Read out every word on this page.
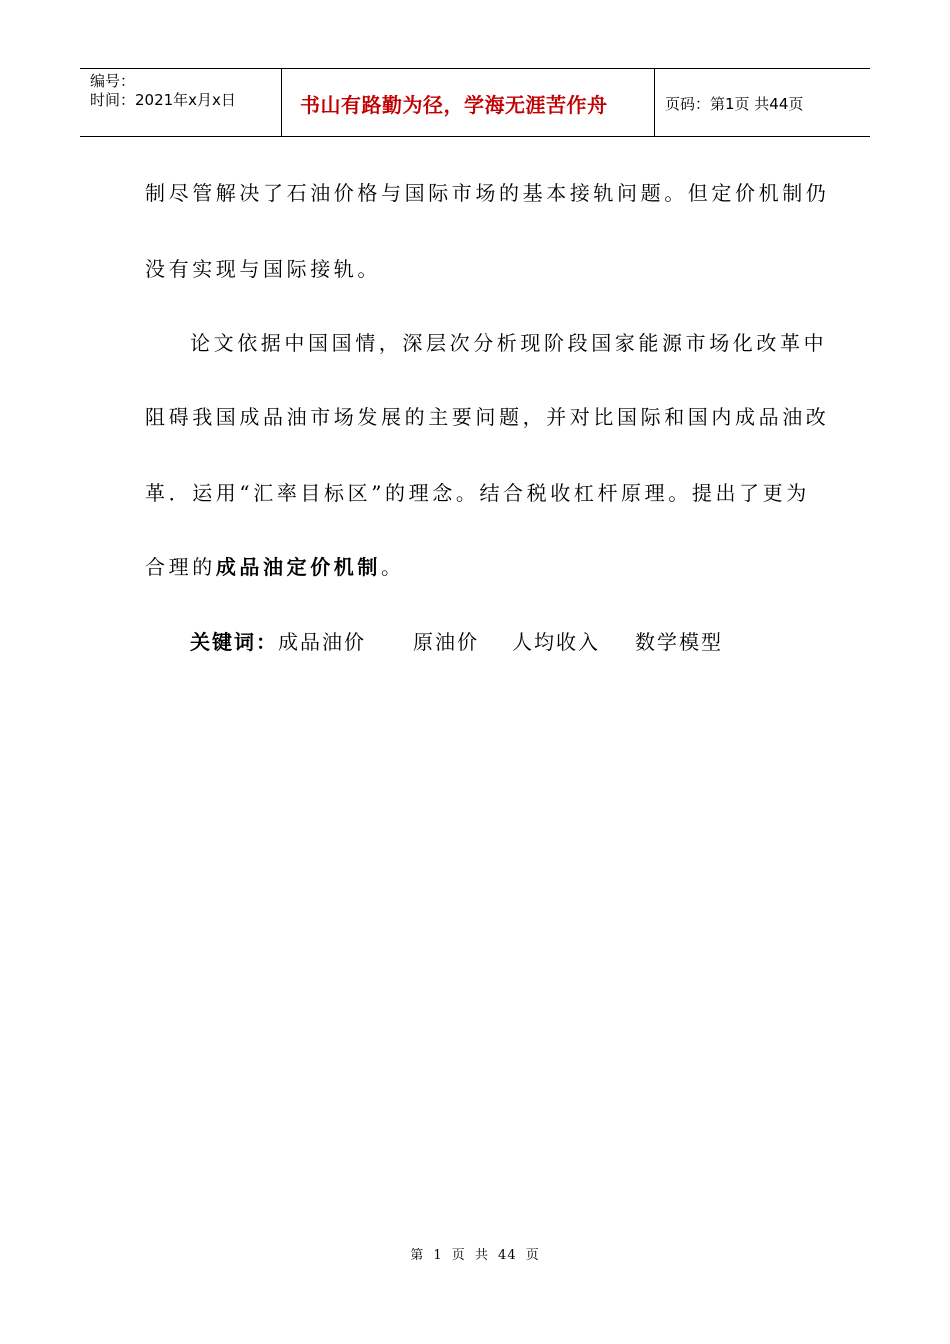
编号：
时间：2021年x月x日	书山有路勤为径，学海无涯苦作舟	页码：第1页 共44页
制尽管解决了石油价格与国际市场的基本接轨问题。但定价机制仍
没有实现与国际接轨。
论文依据中国国情，深层次分析现阶段国家能源市场化改革中
阻碍我国成品油市场发展的主要问题，并对比国际和国内成品油改
革．运用“汇率目标区”的理念。结合税收杠杆原理。提出了更为
合理的成品油定价机制。
关键词： 成品油价 原油价 人均收入 数学模型
第 1 页 共 44 页
